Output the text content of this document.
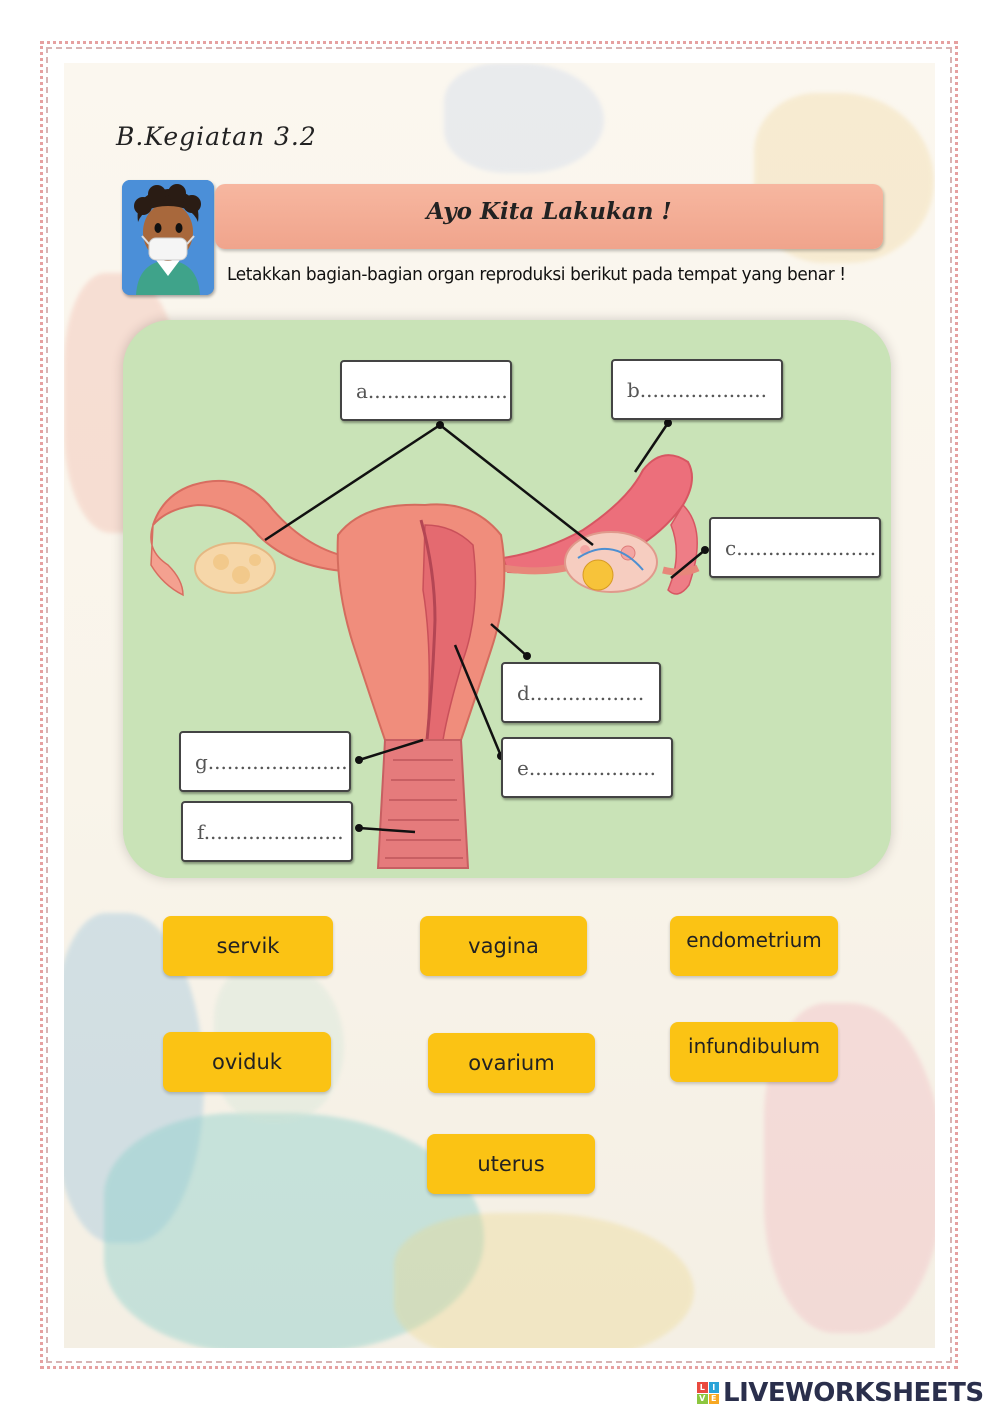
B.Kegiatan 3.2
Ayo Kita Lakukan !
Letakkan bagian-bagian organ reproduksi berikut pada tempat yang benar !
a......................	b....................
c......................
d..................
e....................
g......................
f......................
servik	vagina	endometrium
oviduk	ovarium
infundibulum
uterus
L I
V E LIVEWORKSHEETS
